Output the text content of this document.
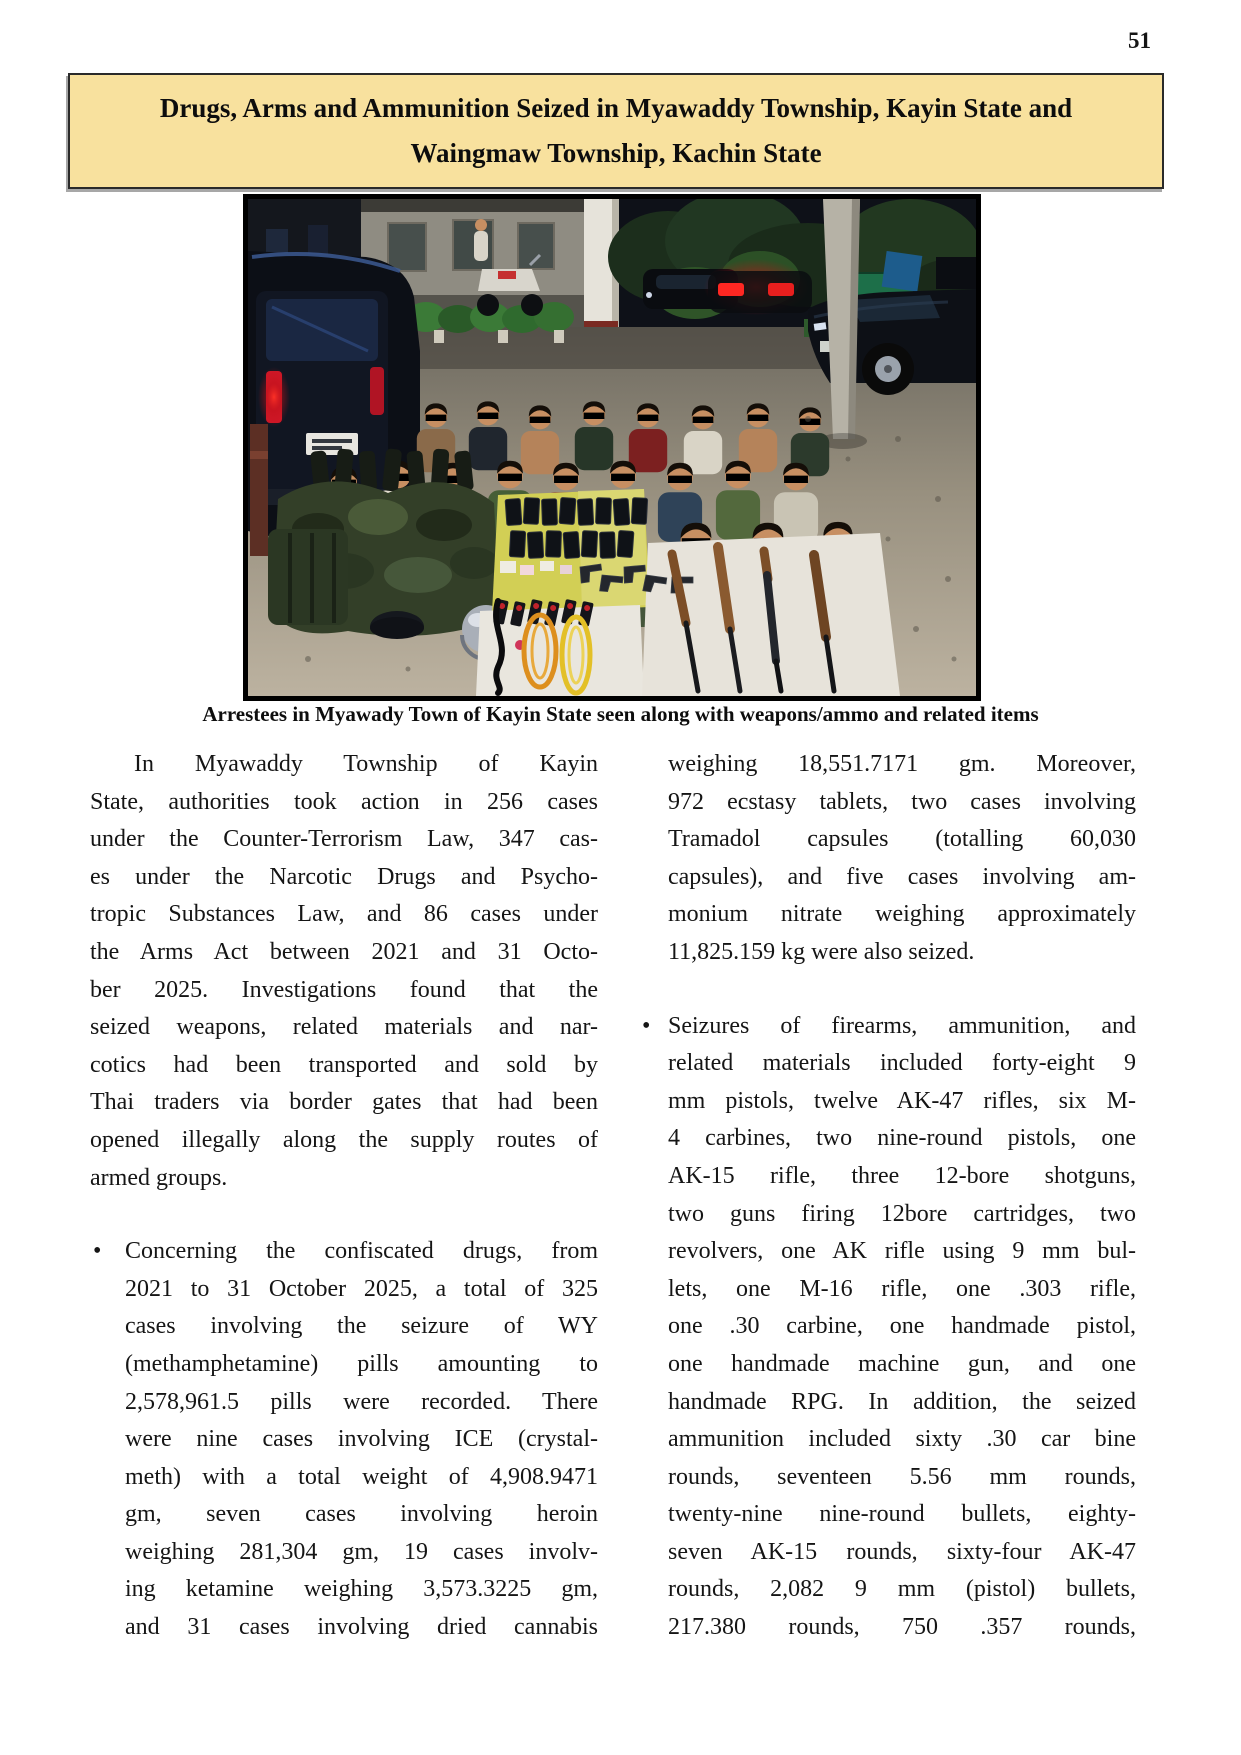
51
Drugs, Arms and Ammunition Seized in Myawaddy Township, Kayin State and
Waingmaw Township, Kachin State
Arrestees in Myawady Town of Kayin State seen along with weapons/ammo and related items
In Myawaddy Township of Kayin
State, authorities took action in 256 cases
under the Counter-Terrorism Law, 347 cas-
es under the Narcotic Drugs and Psycho-
tropic Substances Law, and 86 cases under
the Arms Act between 2021 and 31 Octo-
ber 2025. Investigations found that the
seized weapons, related materials and nar-
cotics had been transported and sold by
Thai traders via border gates that had been
opened illegally along the supply routes of
armed groups.
• Concerning the confiscated drugs, from
2021 to 31 October 2025, a total of 325
cases involving the seizure of WY
(methamphetamine) pills amounting to
2,578,961.5 pills were recorded. There
were nine cases involving ICE (crystal-
meth) with a total weight of 4,908.9471
gm, seven cases involving heroin
weighing 281,304 gm, 19 cases involv-
ing ketamine weighing 3,573.3225 gm,
and 31 cases involving dried cannabis
weighing 18,551.7171 gm. Moreover,
972 ecstasy tablets, two cases involving
Tramadol capsules (totalling 60,030
capsules), and five cases involving am-
monium nitrate weighing approximately
11,825.159 kg were also seized.
• Seizures of firearms, ammunition, and
related materials included forty-eight 9
mm pistols, twelve AK-47 rifles, six M-
4 carbines, two nine-round pistols, one
AK-15 rifle, three 12-bore shotguns,
two guns firing 12bore cartridges, two
revolvers, one AK rifle using 9 mm bul-
lets, one M-16 rifle, one .303 rifle,
one .30 carbine, one handmade pistol,
one handmade machine gun, and one
handmade RPG. In addition, the seized
ammunition included sixty .30 car bine
rounds, seventeen 5.56 mm rounds,
twenty-nine nine-round bullets, eighty-
seven AK-15 rounds, sixty-four AK-47
rounds, 2,082 9 mm (pistol) bullets,
217.380 rounds, 750 .357 rounds,
